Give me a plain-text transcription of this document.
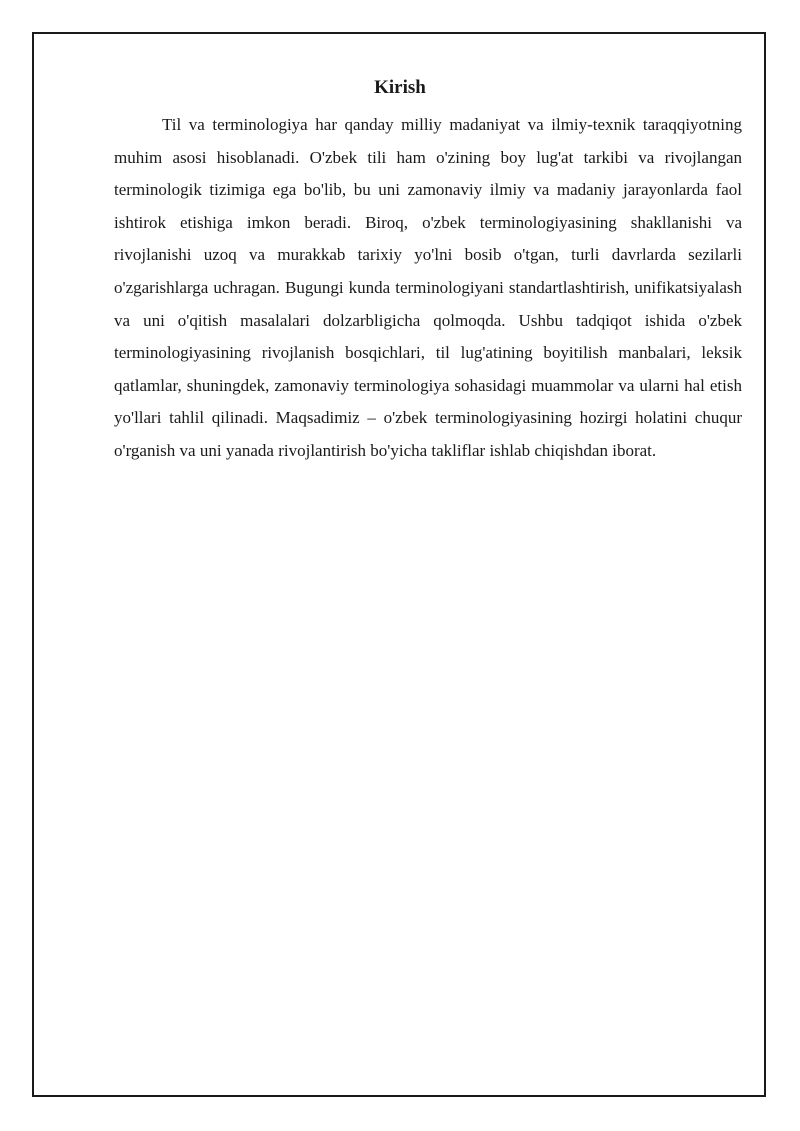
Kirish

Til va terminologiya har qanday milliy madaniyat va ilmiy-texnik taraqqiyotning muhim asosi hisoblanadi. O'zbek tili ham o'zining boy lug'at tarkibi va rivojlangan terminologik tizimiga ega bo'lib, bu uni zamonaviy ilmiy va madaniy jarayonlarda faol ishtirok etishiga imkon beradi. Biroq, o'zbek terminologiyasining shakllanishi va rivojlanishi uzoq va murakkab tarixiy yo'lni bosib o'tgan, turli davrlarda sezilarli o'zgarishlarga uchragan. Bugungi kunda terminologiyani standartlashtirish, unifikatsiyalash va uni o'qitish masalalari dolzarbligicha qolmoqda. Ushbu tadqiqot ishida o'zbek terminologiyasining rivojlanish bosqichlari, til lug'atining boyitilish manbalari, leksik qatlamlar, shuningdek, zamonaviy terminologiya sohasidagi muammolar va ularni hal etish yo'llari tahlil qilinadi. Maqsadimiz – o'zbek terminologiyasining hozirgi holatini chuqur o'rganish va uni yanada rivojlantirish bo'yicha takliflar ishlab chiqishdan iborat.
